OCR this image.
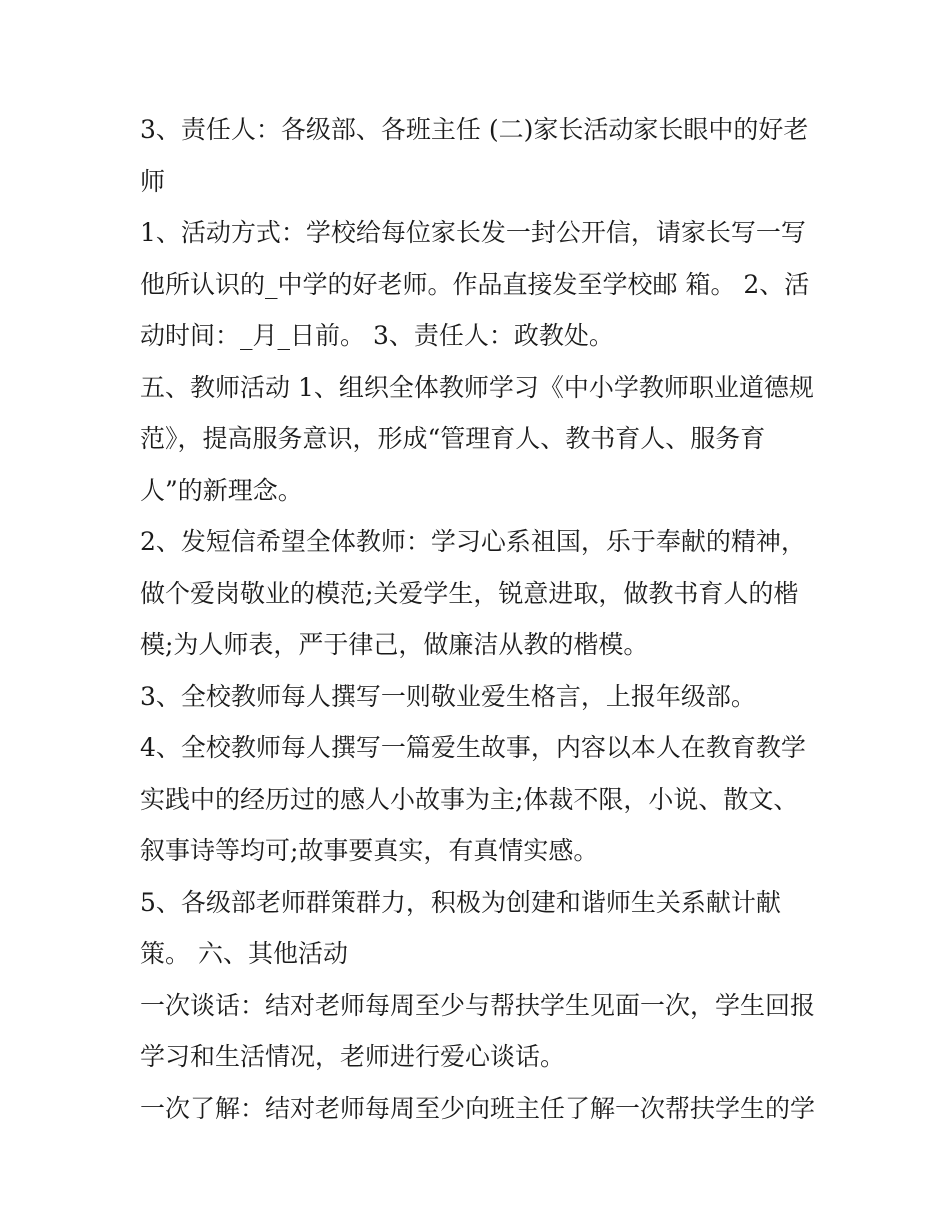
3、责任人：各级部、各班主任 (二)家长活动家长眼中的好老
师

1、活动方式：学校给每位家长发一封公开信，请家长写一写
他所认识的_中学的好老师。作品直接发至学校邮 箱。 2、活
动时间：_月_日前。 3、责任人：政教处。

五、教师活动 1、组织全体教师学习《中小学教师职业道德规
范》，提高服务意识，形成“管理育人、教书育人、服务育
人”的新理念。

2、发短信希望全体教师：学习心系祖国，乐于奉献的精神，
做个爱岗敬业的模范;关爱学生，锐意进取，做教书育人的楷
模;为人师表，严于律己，做廉洁从教的楷模。

3、全校教师每人撰写一则敬业爱生格言，上报年级部。

4、全校教师每人撰写一篇爱生故事，内容以本人在教育教学
实践中的经历过的感人小故事为主;体裁不限，小说、散文、
叙事诗等均可;故事要真实，有真情实感。

5、各级部老师群策群力，积极为创建和谐师生关系献计献
策。 六、其他活动

一次谈话：结对老师每周至少与帮扶学生见面一次，学生回报
学习和生活情况，老师进行爱心谈话。

一次了解：结对老师每周至少向班主任了解一次帮扶学生的学
